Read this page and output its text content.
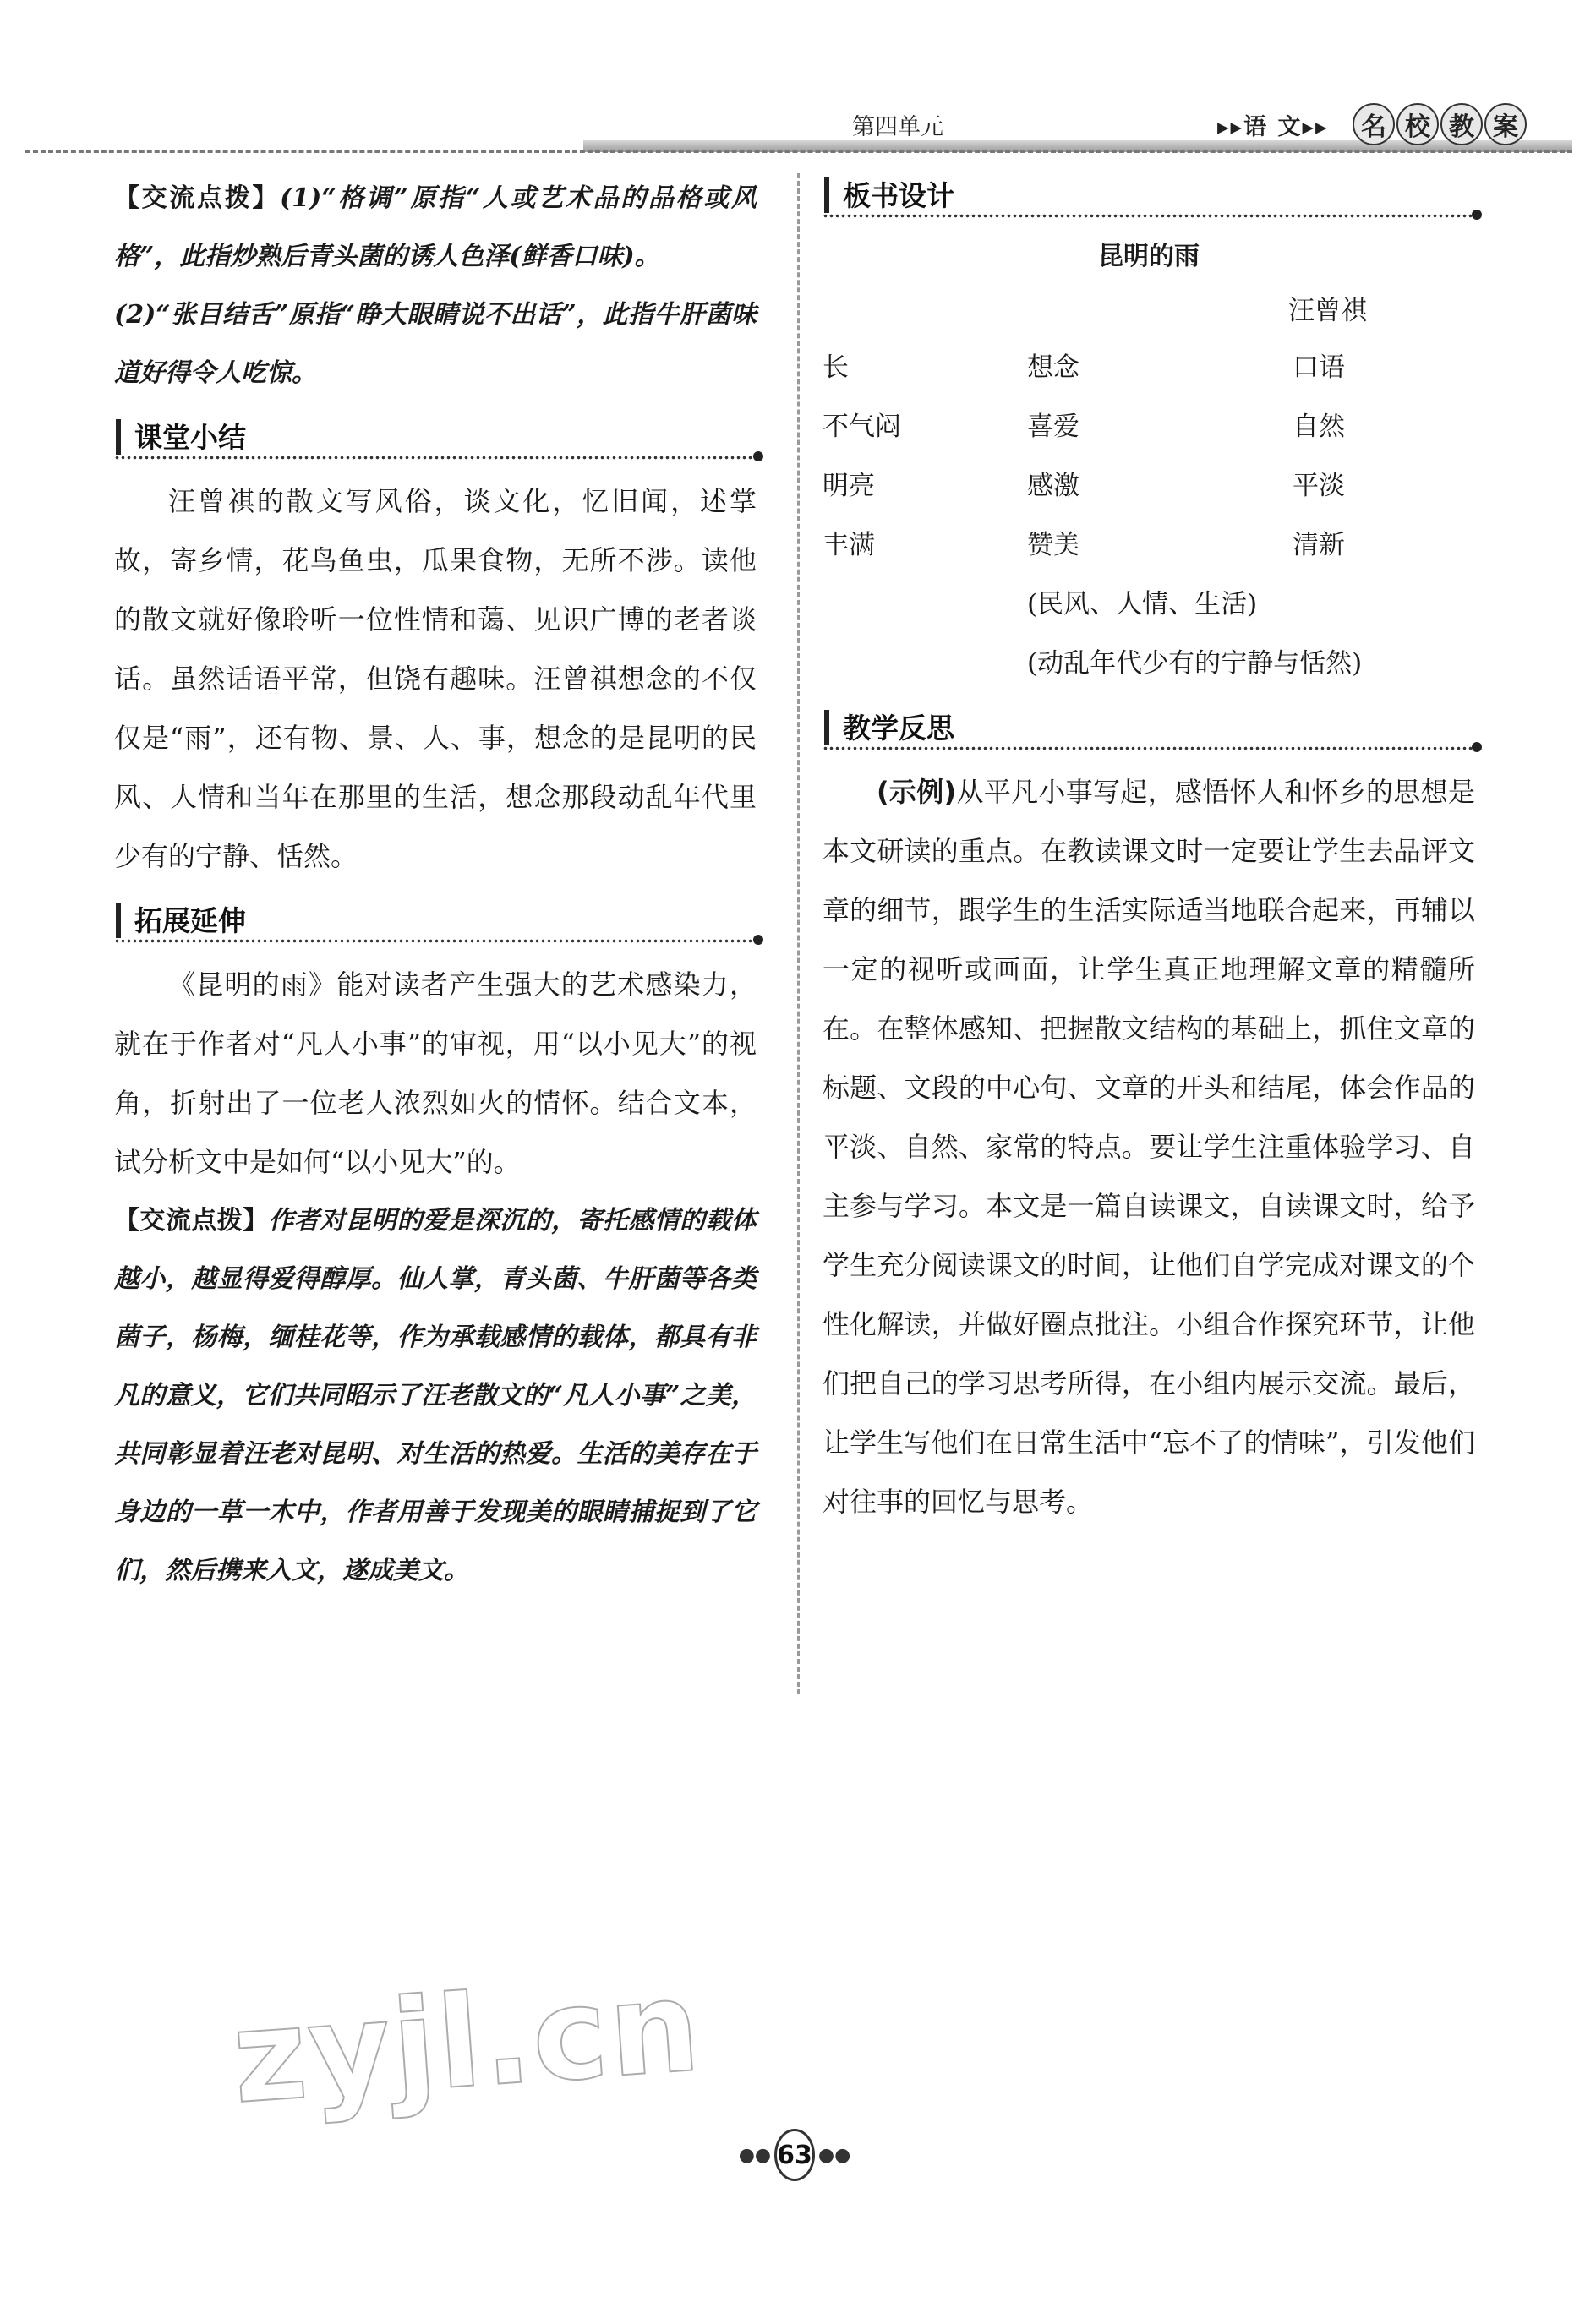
第四单元	▸▸语 文▸▸	名 校 教 案

【交流点拨】(1)“格调”原指“人或艺术品的品格或风格”，此指炒熟后青头菌的诱人色泽(鲜香口味)。

(2)“张目结舌”原指“睁大眼睛说不出话”，此指牛肝菌味道好得令人吃惊。

课堂小结

汪曾祺的散文写风俗，谈文化，忆旧闻，述掌故，寄乡情，花鸟鱼虫，瓜果食物，无所不涉。读他的散文就好像聆听一位性情和蔼、见识广博的老者谈话。虽然话语平常，但饶有趣味。汪曾祺想念的不仅仅是“雨”，还有物、景、人、事，想念的是昆明的民风、人情和当年在那里的生活，想念那段动乱年代里少有的宁静、恬然。

拓展延伸

《昆明的雨》能对读者产生强大的艺术感染力，就在于作者对“凡人小事”的审视，用“以小见大”的视角，折射出了一位老人浓烈如火的情怀。结合文本，试分析文中是如何“以小见大”的。

【交流点拨】作者对昆明的爱是深沉的，寄托感情的载体越小，越显得爱得醇厚。仙人掌，青头菌、牛肝菌等各类菌子，杨梅，缅桂花等，作为承载感情的载体，都具有非凡的意义，它们共同昭示了汪老散文的“凡人小事”之美，共同彰显着汪老对昆明、对生活的热爱。生活的美存在于身边的一草一木中，作者用善于发现美的眼睛捕捉到了它们，然后携来入文，遂成美文。

板书设计
昆明的雨

汪曾祺

长	想念	口语
不气闷	喜爱	自然
明亮	感激	平淡
丰满	赞美	清新

(民风、人情、生活)

(动乱年代少有的宁静与恬然)

教学反思

(示例)从平凡小事写起，感悟怀人和怀乡的思想是本文研读的重点。在教读课文时一定要让学生去品评文章的细节，跟学生的生活实际适当地联合起来，再辅以一定的视听或画面，让学生真正地理解文章的精髓所在。在整体感知、把握散文结构的基础上，抓住文章的标题、文段的中心句、文章的开头和结尾，体会作品的平淡、自然、家常的特点。要让学生注重体验学习、自主参与学习。本文是一篇自读课文，自读课文时，给予学生充分阅读课文的时间，让他们自学完成对课文的个性化解读，并做好圈点批注。小组合作探究环节，让他们把自己的学习思考所得，在小组内展示交流。最后，让学生写他们在日常生活中“忘不了的情味”，引发他们对往事的回忆与思考。

zyjl.cn
●● 63 ●●
